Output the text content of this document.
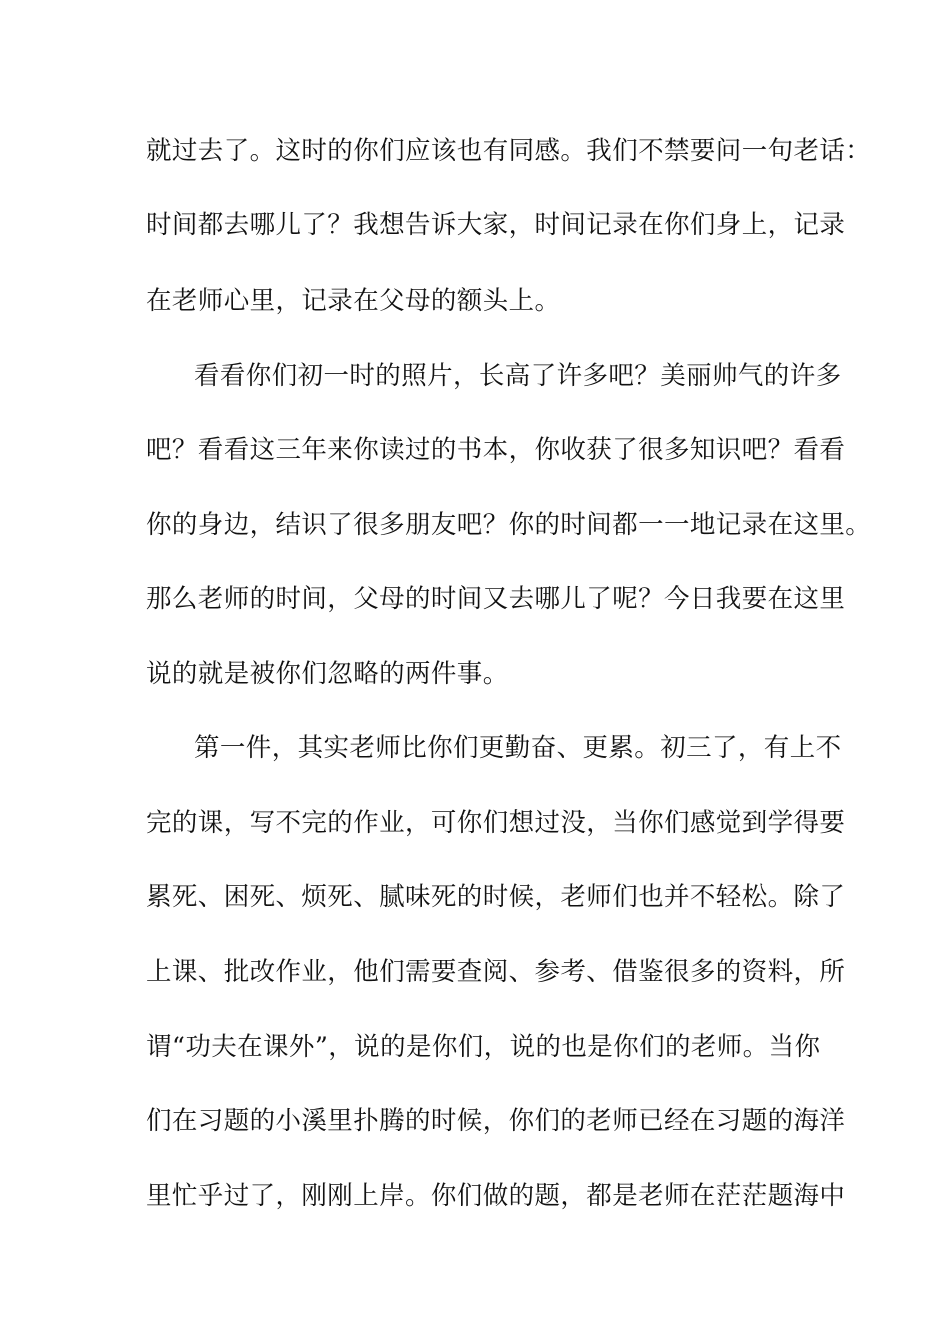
就过去了。这时的你们应该也有同感。我们不禁要问一句老话：
时间都去哪儿了？我想告诉大家，时间记录在你们身上，记录
在老师心里，记录在父母的额头上。
看看你们初一时的照片，长高了许多吧？美丽帅气的许多
吧？看看这三年来你读过的书本，你收获了很多知识吧？看看
你的身边，结识了很多朋友吧？你的时间都一一地记录在这里。
那么老师的时间，父母的时间又去哪儿了呢？今日我要在这里
说的就是被你们忽略的两件事。
第一件，其实老师比你们更勤奋、更累。初三了，有上不
完的课，写不完的作业，可你们想过没，当你们感觉到学得要
累死、困死、烦死、腻味死的时候，老师们也并不轻松。除了
上课、批改作业，他们需要查阅、参考、借鉴很多的资料，所
谓“功夫在课外”，说的是你们，说的也是你们的老师。当你
们在习题的小溪里扑腾的时候，你们的老师已经在习题的海洋
里忙乎过了，刚刚上岸。你们做的题，都是老师在茫茫题海中
